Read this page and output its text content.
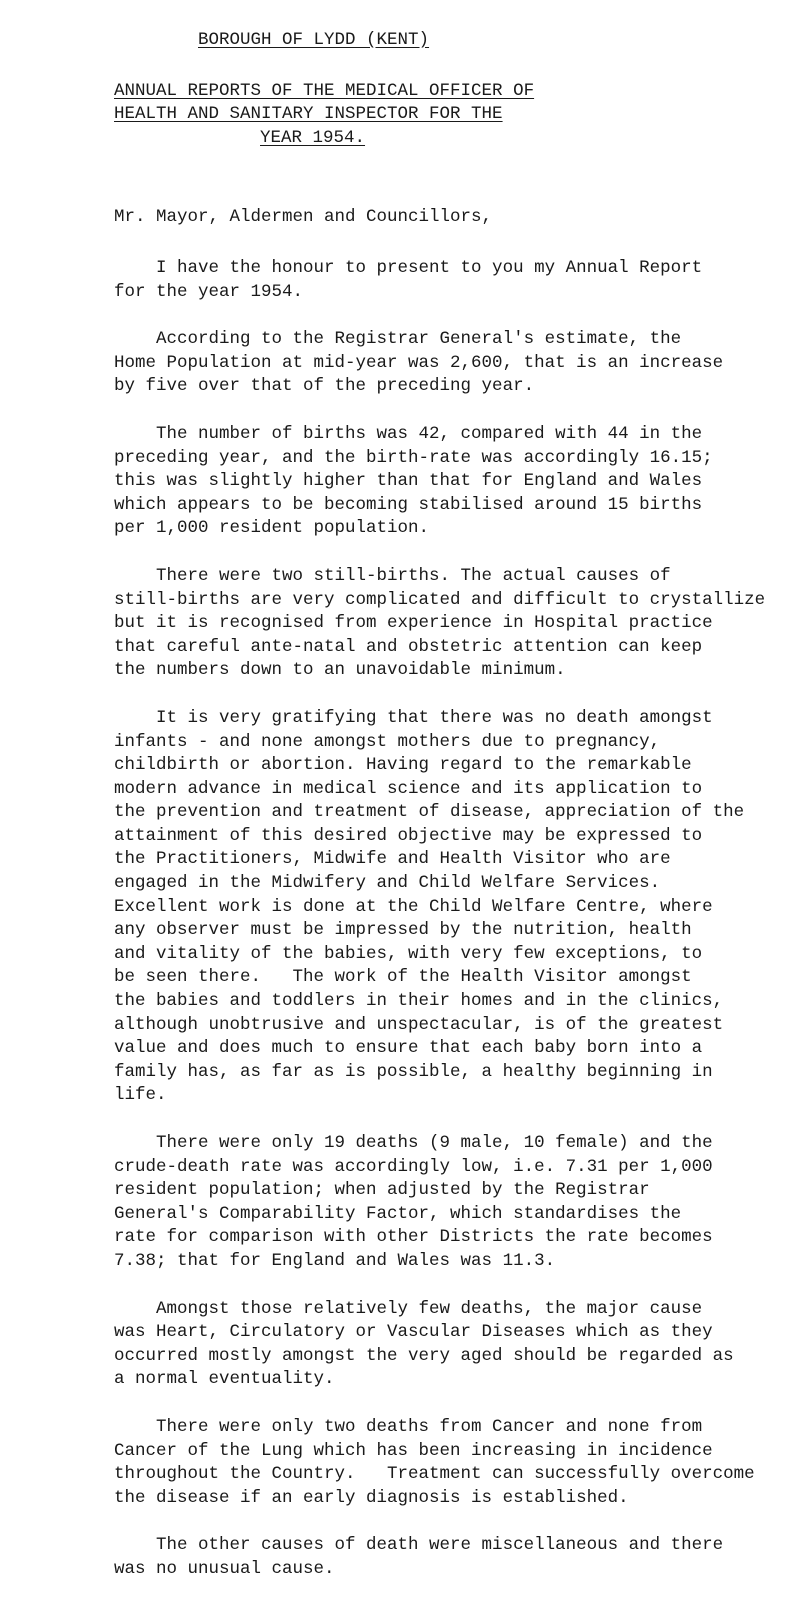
BOROUGH OF LYDD (KENT)
ANNUAL REPORTS OF THE MEDICAL OFFICER OF
HEALTH AND SANITARY INSPECTOR FOR THE
YEAR 1954.
Mr. Mayor, Aldermen and Councillors,

I have the honour to present to you my Annual Report
for the year 1954.

According to the Registrar General's estimate, the
Home Population at mid-year was 2,600, that is an increase
by five over that of the preceding year.

The number of births was 42, compared with 44 in the
preceding year, and the birth-rate was accordingly 16.15;
this was slightly higher than that for England and Wales
which appears to be becoming stabilised around 15 births
per 1,000 resident population.

There were two still-births. The actual causes of
still-births are very complicated and difficult to crystallize
but it is recognised from experience in Hospital practice
that careful ante-natal and obstetric attention can keep
the numbers down to an unavoidable minimum.

It is very gratifying that there was no death amongst
infants - and none amongst mothers due to pregnancy,
childbirth or abortion. Having regard to the remarkable
modern advance in medical science and its application to
the prevention and treatment of disease, appreciation of the
attainment of this desired objective may be expressed to
the Practitioners, Midwife and Health Visitor who are
engaged in the Midwifery and Child Welfare Services.
Excellent work is done at the Child Welfare Centre, where
any observer must be impressed by the nutrition, health
and vitality of the babies, with very few exceptions, to
be seen there.   The work of the Health Visitor amongst
the babies and toddlers in their homes and in the clinics,
although unobtrusive and unspectacular, is of the greatest
value and does much to ensure that each baby born into a
family has, as far as is possible, a healthy beginning in
life.

There were only 19 deaths (9 male, 10 female) and the
crude-death rate was accordingly low, i.e. 7.31 per 1,000
resident population; when adjusted by the Registrar
General's Comparability Factor, which standardises the
rate for comparison with other Districts the rate becomes
7.38; that for England and Wales was 11.3.

Amongst those relatively few deaths, the major cause
was Heart, Circulatory or Vascular Diseases which as they
occurred mostly amongst the very aged should be regarded as
a normal eventuality.

There were only two deaths from Cancer and none from
Cancer of the Lung which has been increasing in incidence
throughout the Country.   Treatment can successfully overcome
the disease if an early diagnosis is established.

The other causes of death were miscellaneous and there
was no unusual cause.
